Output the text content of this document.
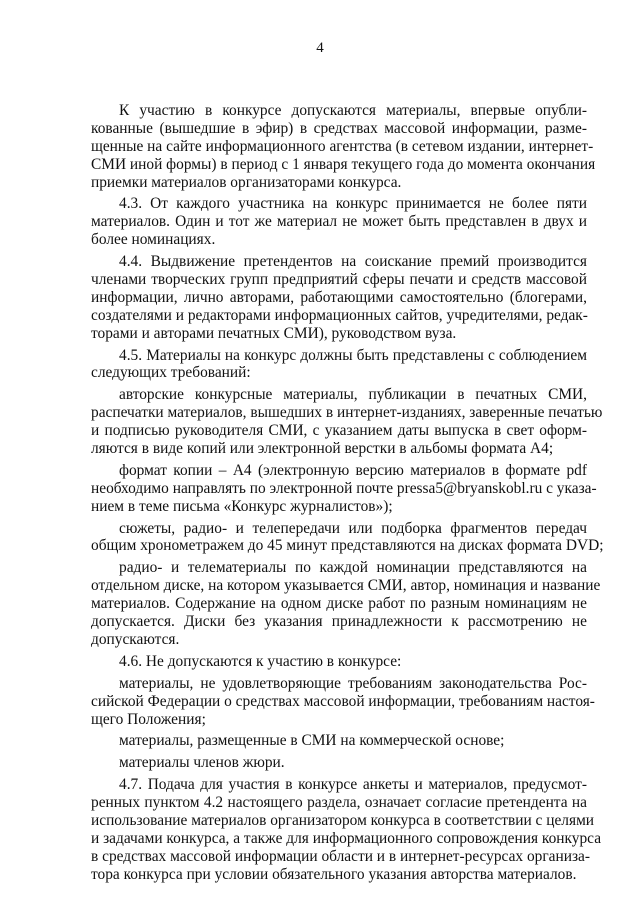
4
К участию в конкурсе допускаются материалы, впервые опубли-
кованные (вышедшие в эфир) в средствах массовой информации, разме-
щенные на сайте информационного агентства (в сетевом издании, интернет-
СМИ иной формы) в период с 1 января текущего года до момента окончания
приемки материалов организаторами конкурса.
4.3. От каждого участника на конкурс принимается не более пяти
материалов. Один и тот же материал не может быть представлен в двух и
более номинациях.
4.4. Выдвижение претендентов на соискание премий производится
членами творческих групп предприятий сферы печати и средств массовой
информации, лично авторами, работающими самостоятельно (блогерами,
создателями и редакторами информационных сайтов, учредителями, редак-
торами и авторами печатных СМИ), руководством вуза.
4.5. Материалы на конкурс должны быть представлены с соблюдением
следующих требований:
авторские конкурсные материалы, публикации в печатных СМИ,
распечатки материалов, вышедших в интернет-изданиях, заверенные печатью
и подписью руководителя СМИ, с указанием даты выпуска в свет оформ-
ляются в виде копий или электронной верстки в альбомы формата А4;
формат копии – А4 (электронную версию материалов в формате pdf
необходимо направлять по электронной почте pressa5@bryanskobl.ru с указа-
нием в теме письма «Конкурс журналистов»);
сюжеты, радио- и телепередачи или подборка фрагментов передач
общим хронометражем до 45 минут представляются на дисках формата DVD;
радио- и телематериалы по каждой номинации представляются на
отдельном диске, на котором указывается СМИ, автор, номинация и название
материалов. Содержание на одном диске работ по разным номинациям не
допускается. Диски без указания принадлежности к рассмотрению не
допускаются.
4.6. Не допускаются к участию в конкурсе:
материалы, не удовлетворяющие требованиям законодательства Рос-
сийской Федерации о средствах массовой информации, требованиям настоя-
щего Положения;
материалы, размещенные в СМИ на коммерческой основе;
материалы членов жюри.
4.7. Подача для участия в конкурсе анкеты и материалов, предусмот-
ренных пунктом 4.2 настоящего раздела, означает согласие претендента на
использование материалов организатором конкурса в соответствии с целями
и задачами конкурса, а также для информационного сопровождения конкурса
в средствах массовой информации области и в интернет-ресурсах организа-
тора конкурса при условии обязательного указания авторства материалов.
